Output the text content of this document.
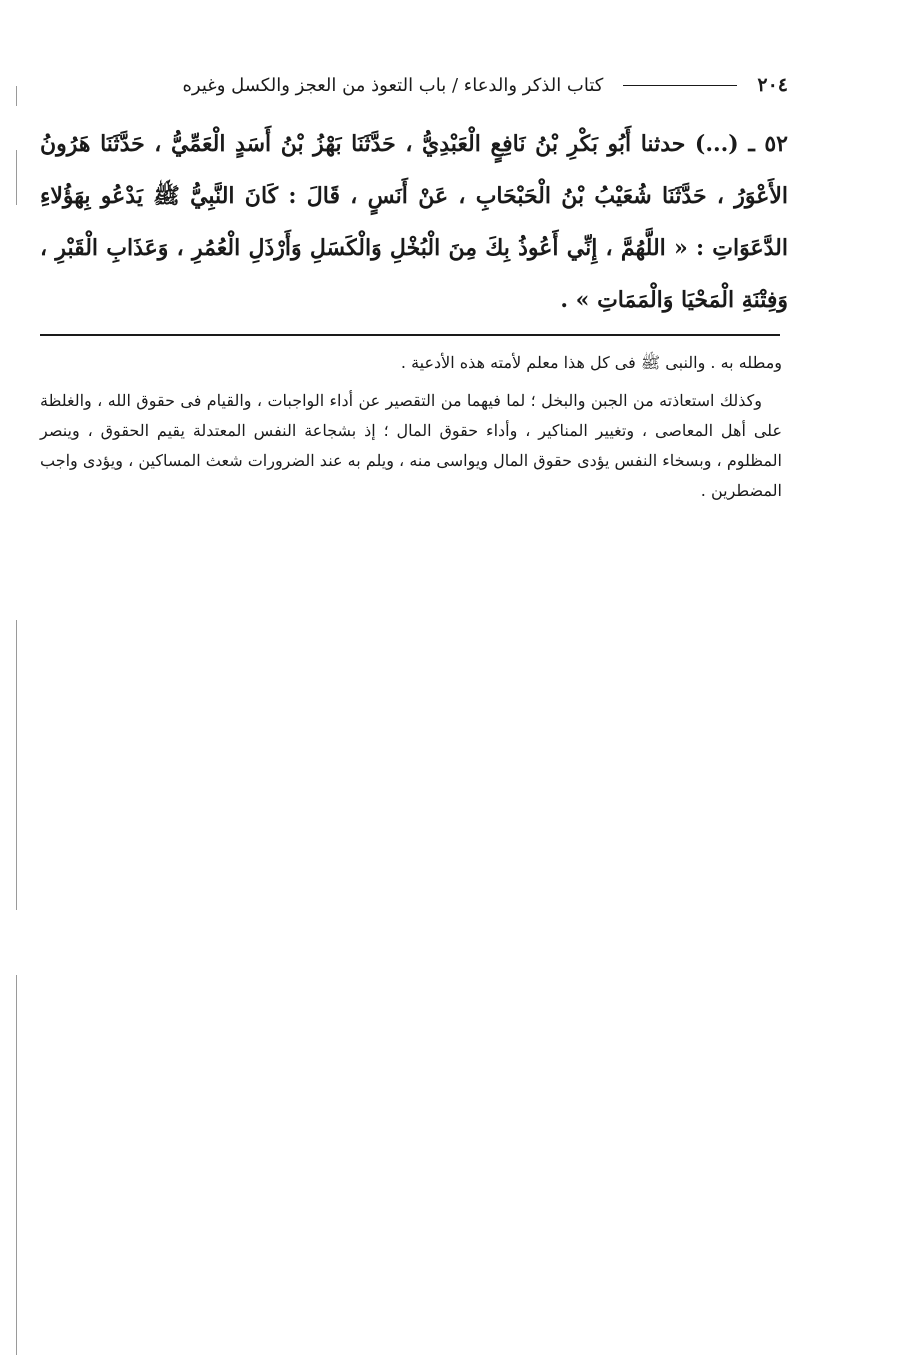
٢٠٤
كتاب الذكر والدعاء / باب التعوذ من العجز والكسل وغيره
٥٢ ـ (...) حدثنا أَبُو بَكْرِ بْنُ نَافِعٍ الْعَبْدِيُّ ، حَدَّثَنَا بَهْزُ بْنُ أَسَدٍ الْعَمِّيُّ ، حَدَّثَنَا هَرُونُ الأَعْوَرُ ، حَدَّثَنَا شُعَيْبُ بْنُ الْحَبْحَابِ ، عَنْ أَنَسٍ ، قَالَ : كَانَ النَّبِيُّ ﷺ يَدْعُو بِهَؤُلاءِ الدَّعَوَاتِ : « اللَّهُمَّ ، إِنِّي أَعُوذُ بِكَ مِنَ الْبُخْلِ وَالْكَسَلِ وَأَرْذَلِ الْعُمُرِ ، وَعَذَابِ الْقَبْرِ ، وَفِتْنَةِ الْمَحْيَا وَالْمَمَاتِ » .

ومطله به . والنبى ﷺ فى كل هذا معلم لأمته هذه الأدعية .

وكذلك استعاذته من الجبن والبخل ؛ لما فيهما من التقصير عن أداء الواجبات ، والقيام فى حقوق الله ، والغلظة على أهل المعاصى ، وتغيير المناكير ، وأداء حقوق المال ؛ إذ بشجاعة النفس المعتدلة يقيم الحقوق ، وينصر المظلوم ، وبسخاء النفس يؤدى حقوق المال ويواسى منه ، ويلم به عند الضرورات شعث المساكين ، ويؤدى واجب المضطرين .
